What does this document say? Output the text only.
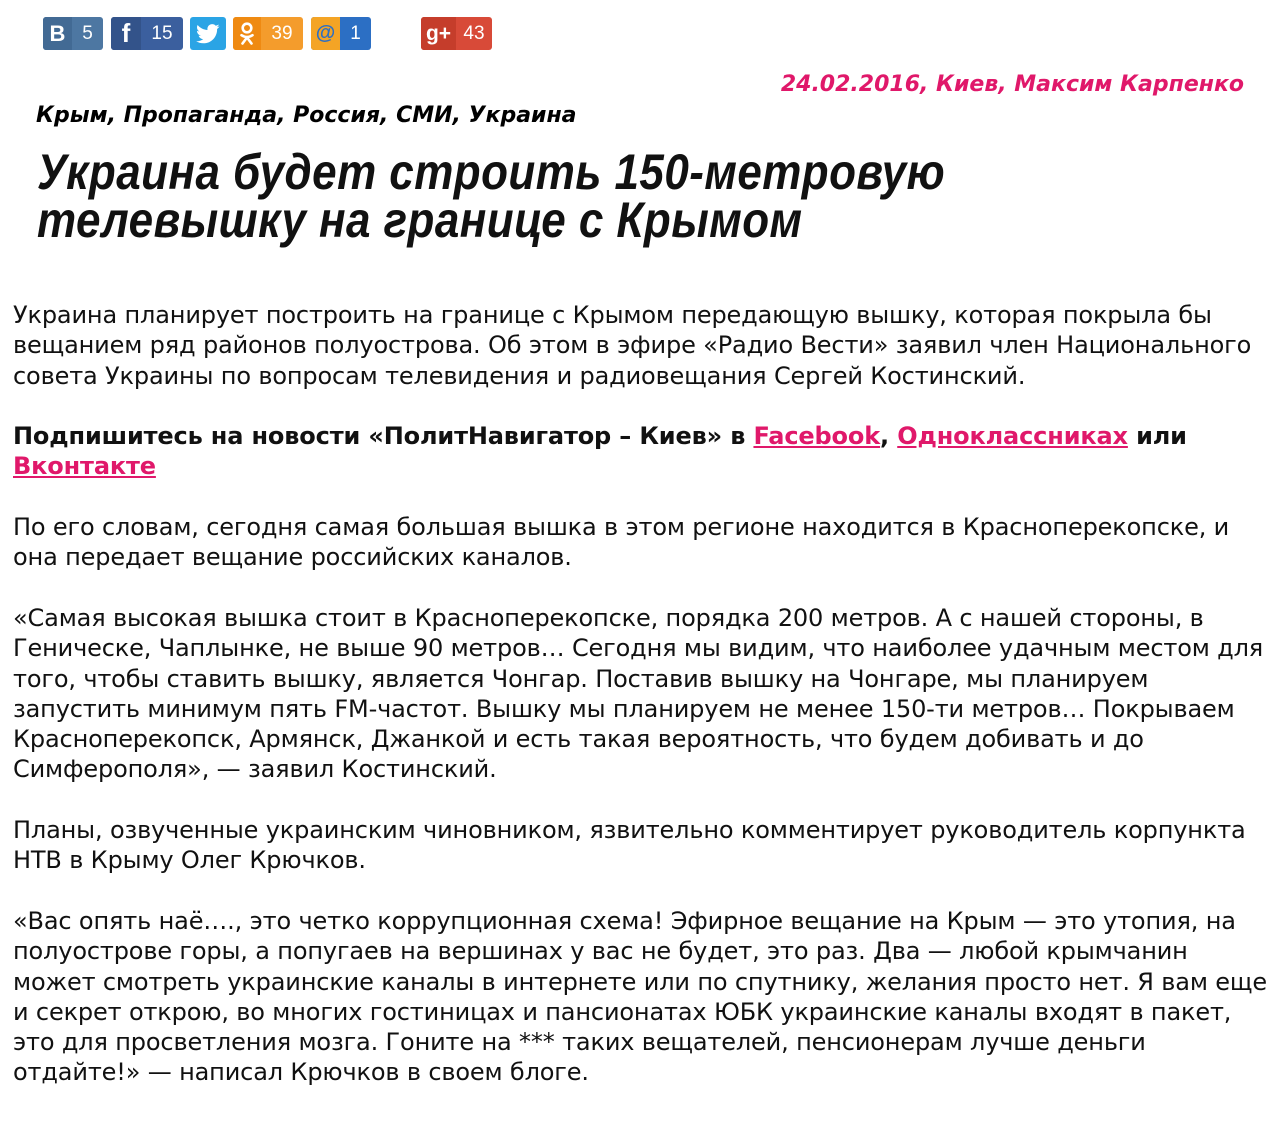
В 5	f	15	39	@ 1	g+ 43
24.02.2016, Киев, Максим Карпенко
Крым, Пропаганда, Россия, СМИ, Украина
Украина будет строить 150-метровую телевышку на границе с Крымом

Украина планирует построить на границе с Крымом передающую вышку, которая покрыла бы вещанием ряд районов полуострова. Об этом в эфире «Радио Вести» заявил член Национального совета Украины по вопросам телевидения и радиовещания Сергей Костинский.

Подпишитесь на новости «ПолитНавигатор – Киев» в Facebook, Одноклассниках или Вконтакте

По его словам, сегодня самая большая вышка в этом регионе находится в Красноперекопске, и она передает вещание российских каналов.

«Самая высокая вышка стоит в Красноперекопске, порядка 200 метров. А с нашей стороны, в Геническе, Чаплынке, не выше 90 метров… Сегодня мы видим, что наиболее удачным местом для того, чтобы ставить вышку, является Чонгар. Поставив вышку на Чонгаре, мы планируем запустить минимум пять FM-частот. Вышку мы планируем не менее 150-ти метров… Покрываем Красноперекопск, Армянск, Джанкой и есть такая вероятность, что будем добивать и до Симферополя», — заявил Костинский.

Планы, озвученные украинским чиновником, язвительно комментирует руководитель корпункта НТВ в Крыму Олег Крючков.

«Вас опять наё…., это четко коррупционная схема! Эфирное вещание на Крым — это утопия, на полуострове горы, а попугаев на вершинах у вас не будет, это раз. Два — любой крымчанин может смотреть украинские каналы в интернете или по спутнику, желания просто нет. Я вам еще и секрет открою, во многих гостиницах и пансионатах ЮБК украинские каналы входят в пакет, это для просветления мозга. Гоните на *** таких вещателей, пенсионерам лучше деньги отдайте!» — написал Крючков в своем блоге.
